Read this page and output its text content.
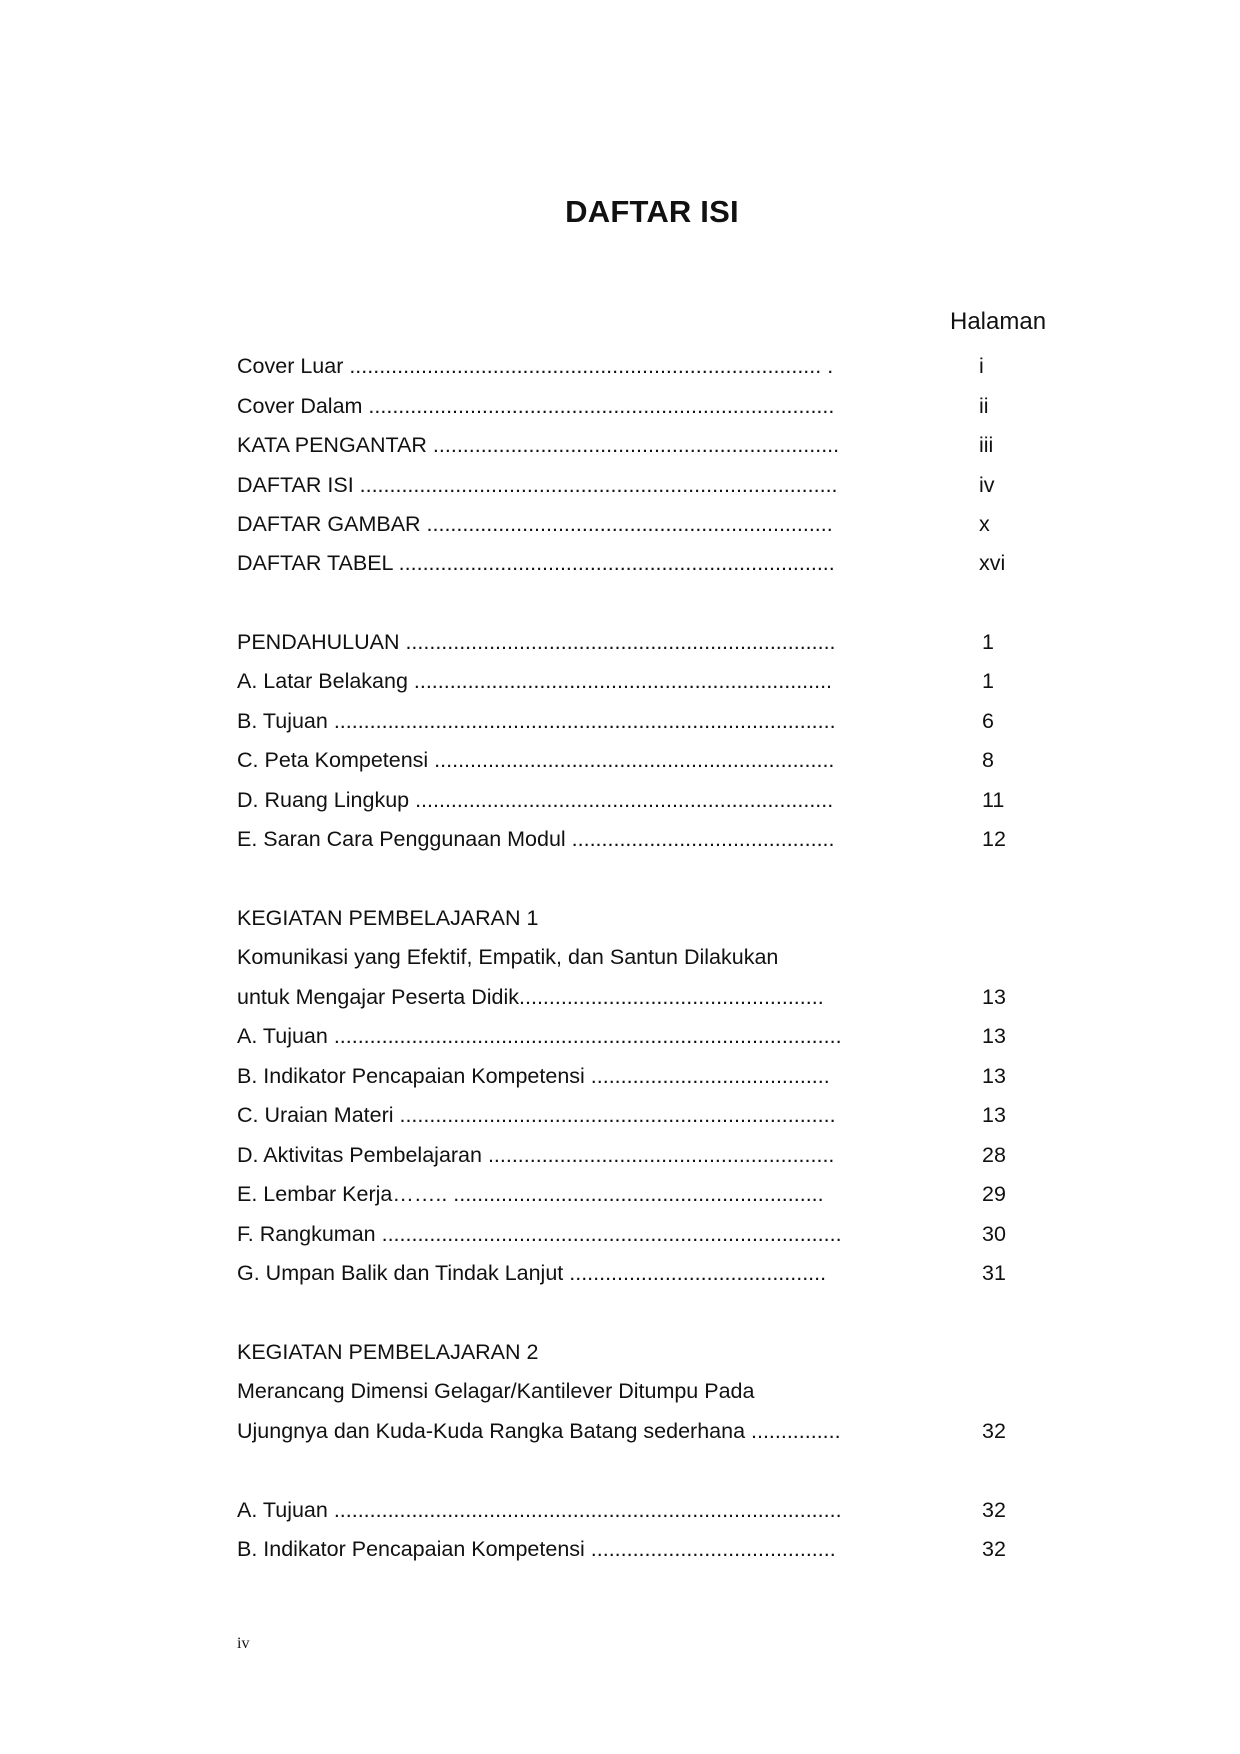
DAFTAR ISI
Halaman
Cover Luar ............................................................................... .	i
Cover Dalam ..............................................................................	ii
KATA PENGANTAR ....................................................................	iii
DAFTAR ISI ................................................................................	iv
DAFTAR GAMBAR ....................................................................	x
DAFTAR TABEL .........................................................................	xvi
PENDAHULUAN ........................................................................	1
A. Latar Belakang ......................................................................	1
B. Tujuan ....................................................................................	6
C. Peta Kompetensi ...................................................................	8
D. Ruang Lingkup ......................................................................	11
E. Saran Cara Penggunaan Modul ............................................	12
KEGIATAN PEMBELAJARAN 1
Komunikasi yang Efektif, Empatik, dan Santun Dilakukan
untuk Mengajar Peserta Didik...................................................	13
A. Tujuan .....................................................................................	13
B. Indikator Pencapaian Kompetensi ........................................	13
C. Uraian Materi .........................................................................	13
D. Aktivitas Pembelajaran ..........................................................	28
E. Lembar Kerja…….. ..............................................................	29
F. Rangkuman .............................................................................	30
G. Umpan Balik dan Tindak Lanjut ...........................................	31
KEGIATAN PEMBELAJARAN 2
Merancang Dimensi Gelagar/Kantilever Ditumpu Pada
Ujungnya dan Kuda-Kuda Rangka Batang sederhana ...............	32
A. Tujuan .....................................................................................	32
B. Indikator Pencapaian Kompetensi .........................................	32
iv
